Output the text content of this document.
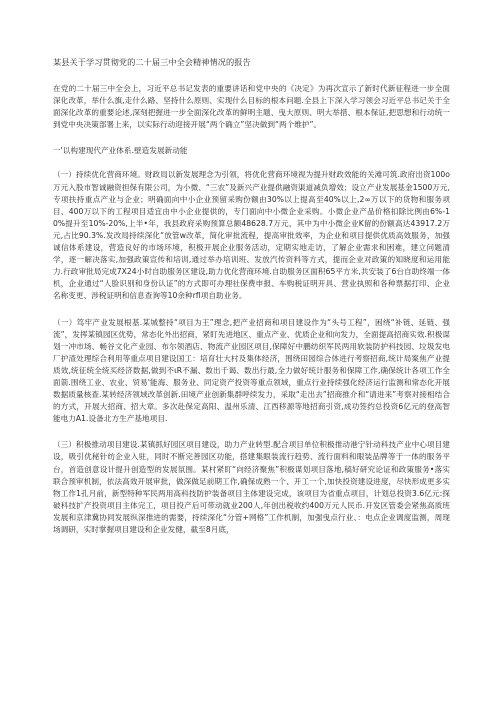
某县关于学习贯彻党的二十届三中全会精神情况的报告

在党的二十届三中全会上，习近平总书记发表的重要讲话和党中央的《决定》为再次宣示了新时代新征程进一步全面深化改革，举什么旗,走什么路、坚持什么原则、实现什么目标的根本问题.全县上下深入学习领会习近平总书记关于全面深化改革的重要论述,深刻把握进一步全面深化改革的鲜明主题、曳大原则、明大举措、根本保证,把思想和行动统一到党中央决策部署上来，以实际行动迎接开展“两个确立”坚决做到“两个维护”。

一'以构建现代产业体系.壁造发展新动能

（一）持续优化营商环境。财政局以新发展理念为引领，将优化营商环境视为提升财政效能的关滩可筑.政府出资100o万元入股市智诚融资担保有限公司，为小微、“三农”及新兴产业提供融资渠道减负增效；设立产业发展基金1500万元,专项扶持重点产业与企业；明确面向中小企业预留采购份额由30%以上提高至40%以上,2∞万以下的货物和服务项目、400万以下的工程项目适宜由中小企业提供的，专门面向中小微企业采购。小微企业产品价格扣除比例由6%-10%提升至10%-20%,上半•年，我县政府采购预算总额48628.7万元，其中为中小微企业K留的份额高达43917.2万元,占比90.3%.发改局持续深化“放管w改革，简化审批流程，提高审批效率，为企业和项目提供优质高效服务，加强诚信体系建设，营造良好的市场环境，积极开展企业服务活动，定期实地走访，了解企业需求和困难，建立问题清学，逐一解决落实,加强政策宣传和培训,通过举办培训班、发放汽传资料等方式，提而企业对政策的知晓度和运用能力.行政审批局完成7X24小时自助服务区建设,助力优化营商环境.自助服务区面积65平方米,共安装了6台自助终端一体机，企业通过“人脸识别和身份认证”的方式即可办理社保费申报、车购税证明开具、营业执照和各种票据打印、企业名称变更、涉税证明和信息查询等10余种rfl项自助业务。

（一）笃牢产业发展根基.某城整持“项目为王”理念,把产业招商和项目建设作为“头号工程”，困绕“补链、延链、强流”，发挥某镇园区优势，常态化外出招商，紧盯先进地区、重点产业、优质企业和向发力，全面提高招商实效.积极谋划一冲市场、畅谷文化产业园、布尔领酒店、物流产业园区项目,保障好中鹏纺织军民两用软装防护科技园、垃圾发电厂护渣处理综合利用等重点项目建设国工：培育壮大村及集体经济，围绕田园综合体进行考察招商,统计局案焦产业提质效,统征统全统买经济数据,做到不ιR不漏、数出千谒、数出行最,全力做好统计服务和保障工作,确保统计各项工作全面箭.围绕工业、农业、贸易'能海、服务业、同定资产投资等重点领域，重点行业持续强化经济运行监测和常态化开展数据质量核查.某转经济领域改革创新.田境产业创新集群呼续发力，采取“走出去”招商推介和“请进来”考察对接相结合的方式，开展大招商、招大章。多次赴保定高阳、温州乐清、江西移源等地招商引资,成功签约总投资6亿元的登高智能电力A1.设备北方生产基地项目.

（三）积极推动项目建设.某镇抓好园区项目建设，助力产业转型.配合项目单位积极推动港宁针动科技产业中心项目建设，吸引优秘针纺企业入驻，同时不断完善园区功能，搭建集眼装流行趋势、流行面料和眼装品牌等于一体的服务平台，首造创意设计提升创造型的发展氛围。某村紧盯“向经济聚焦”积极谋划项目落地,稿好研究论证和政策服务•落实联合预审机制，依法高效开展审批，做深做足前期工作,确保成熟一个、开工一个,加快投资建设进度，尽快形成更多实物工作1孔月前，新型特种军民两用高科技防护装备项目主体建设完成，该项目为省重点项目，计划总投资3.6亿元:探破科技扩产投资项目主体完工，项目投产后可带动就业200人,年创出税收约400万元人民币.开发区管委会紧焦高质班发展和京津冀协同发展纵深推进的需要，持续深化“分管+网格”工作机制，加强曳点行业、：电点企业调度监测，周现场调研，实时掌握项目建设和企业发健，截至8月底，
